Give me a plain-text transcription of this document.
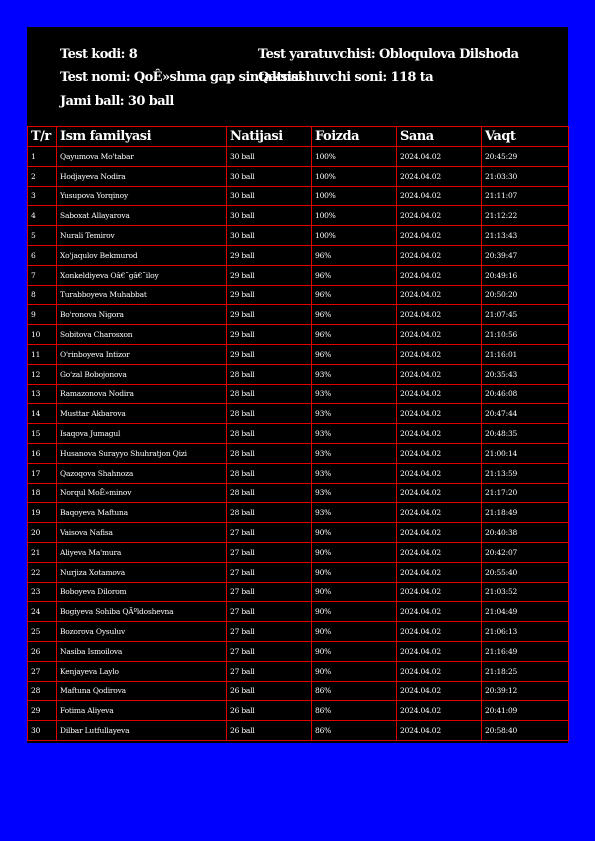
Test kodi: 8
Test nomi: QoÊ»shma gap sintaksisi
Jami ball: 30 ball
Test yaratuvchisi: Obloqulova Dilshoda
Qatnashuvchi soni: 118 ta
T/r	Ism familyasi	Natijasi	Foizda	Sana	Vaqt
1	Qayumova Mo'tabar	30 ball	100%	2024.04.02	20:45:29
2	Hodjayeva Nodira	30 ball	100%	2024.04.02	21:03:30
3	Yusupova Yorqinoy	30 ball	100%	2024.04.02	21:11:07
4	Saboxat Allayarova	30 ball	100%	2024.04.02	21:12:22
5	Nurali Temirov	30 ball	100%	2024.04.02	21:13:43
6	Xo'jaqulov Bekmurod	29 ball	96%	2024.04.02	20:39:47
7	Xonkeldiyeva Oâ€˜gâ€˜iloy	29 ball	96%	2024.04.02	20:49:16
8	Turabboyeva Muhabbat	29 ball	96%	2024.04.02	20:50:20
9	Bo'ronova Nigora	29 ball	96%	2024.04.02	21:07:45
10	Sobitova Charosxon	29 ball	96%	2024.04.02	21:10:56
11	O'rinboyeva Intizor	29 ball	96%	2024.04.02	21:16:01
12	Go'zal Bobojonova	28 ball	93%	2024.04.02	20:35:43
13	Ramazonova Nodira	28 ball	93%	2024.04.02	20:46:08
14	Musttar Akbarova	28 ball	93%	2024.04.02	20:47:44
15	Isaqova Jumagul	28 ball	93%	2024.04.02	20:48:35
16	Husanova Surayyo Shuhratjon Qizi	28 ball	93%	2024.04.02	21:00:14
17	Qazoqova Shahnoza	28 ball	93%	2024.04.02	21:13:59
18	Norqul MoÊ»minov	28 ball	93%	2024.04.02	21:17:20
19	Baqoyeva Maftuna	28 ball	93%	2024.04.02	21:18:49
20	Vaisova Nafisa	27 ball	90%	2024.04.02	20:40:38
21	Aliyeva Ma'mura	27 ball	90%	2024.04.02	20:42:07
22	Nurjiza Xotamova	27 ball	90%	2024.04.02	20:55:40
23	Boboyeva Dilorom	27 ball	90%	2024.04.02	21:03:52
24	Bogiyeva Sohiba QÃºldoshevna	27 ball	90%	2024.04.02	21:04:49
25	Bozorova Oysuluv	27 ball	90%	2024.04.02	21:06:13
26	Nasiba Ismoilova	27 ball	90%	2024.04.02	21:16:49
27	Kenjayeva Laylo	27 ball	90%	2024.04.02	21:18:25
28	Maftuna Qodirova	26 ball	86%	2024.04.02	20:39:12
29	Fotima Aliyeva	26 ball	86%	2024.04.02	20:41:09
30	Dilbar Lutfullayeva	26 ball	86%	2024.04.02	20:58:40
